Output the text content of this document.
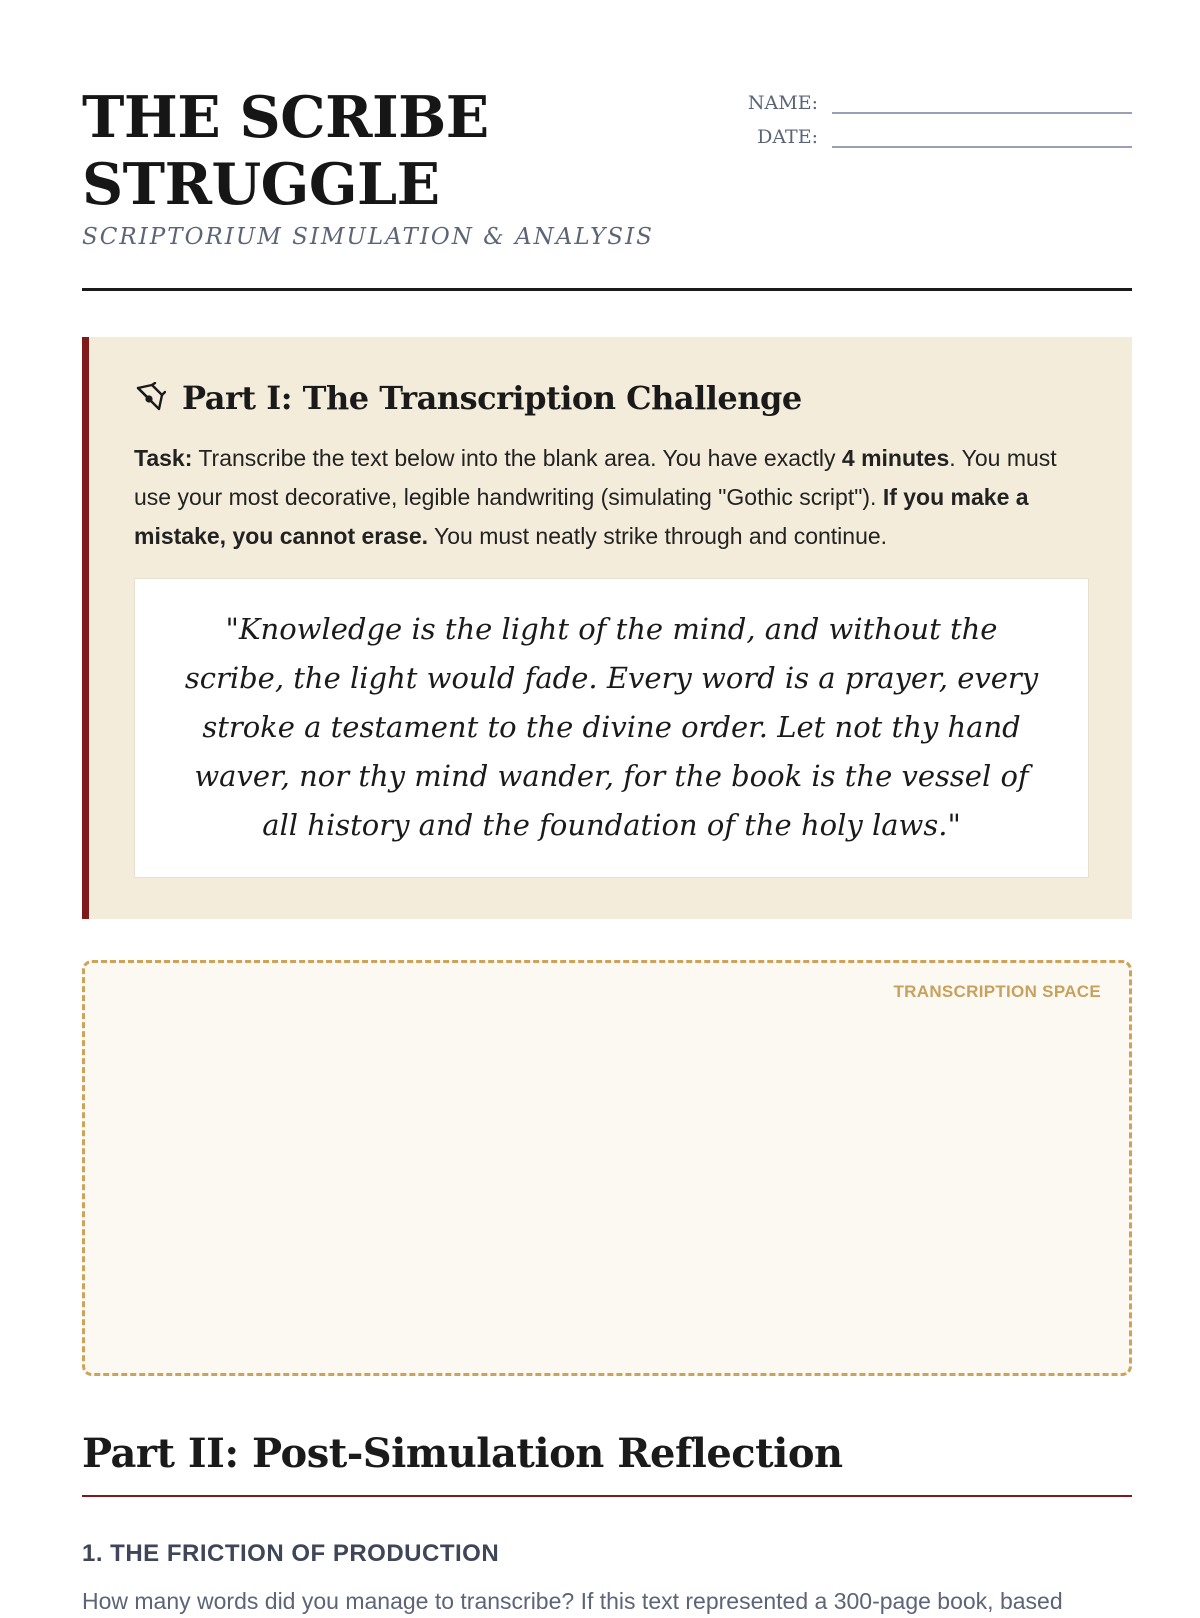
THE SCRIBE
STRUGGLE
SCRIPTORIUM SIMULATION & ANALYSIS
NAME:
DATE:
Part I: The Transcription Challenge
Task: Transcribe the text below into the blank area. You have exactly 4 minutes. You must use your most decorative, legible handwriting (simulating "Gothic script"). If you make a mistake, you cannot erase. You must neatly strike through and continue.
"Knowledge is the light of the mind, and without the scribe, the light would fade. Every word is a prayer, every stroke a testament to the divine order. Let not thy hand waver, nor thy mind wander, for the book is the vessel of all history and the foundation of the holy laws."
TRANSCRIPTION SPACE
Part II: Post-Simulation Reflection
1. THE FRICTION OF PRODUCTION
How many words did you manage to transcribe? If this text represented a 300-page book, based
